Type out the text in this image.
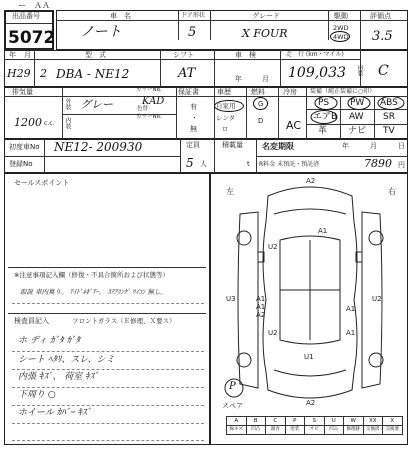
ー　ＡＡ
出品番号
5072
車　名	ドア形状	グレード	駆動	評価点
ノート	5	X FOUR	2WD
4WD 3.5
年 月	型　式	シフト	車　検	走　行 (km・マイル)
H29 2 DBA - NE12	AT	年	月 109,033 内装 C
排気量
外装 グレー
カラーNo.
KAD
色替
内装	カラーNo.
1200 c.c.
保証書
有
・
無
車歴
自家用
レンタ
ロ
燃料
G
D
冷房
AC
装備（純正装備に○印）
PS PW ABS
エアB AW SR
革 ナビ TV
初度車No NE12- 200930
登録No
定員
5 人
積載量
t
名変期限	年	月	日
R料金 未預託・預託済	7890 円
セールスポイント
※注意事項記入欄（修復・不具合箇所および状態等）
取説 車内臭り。 ｱｲﾄﾞﾙｷﾞｱｰ。 ｽﾃｱﾘﾝｸﾞ ﾜｲｺﾝ 無し。
検査員記入	フロントガラス（Ｅ修理、Ｘ要ス）
ホ ディ ｶﾞﾀ ｶﾞﾀ
シート ﾍﾀﾘ、スレ、シミ
内張 ｷｽﾞ、 荷室 ｷｽﾞ
下周り ○
ホイール ｶﾊﾞｰ ｷｽﾞ
左	右
A2
A1
U2
U3	A1
A1
A2
A1
U2
U1
A2
U2	A1
P
スペア
A
線キズ
B
凹凸
C
腐食
P
塗装
S
サビ
U
凹み
W
修理跡
XX
交換済
X
交換要
